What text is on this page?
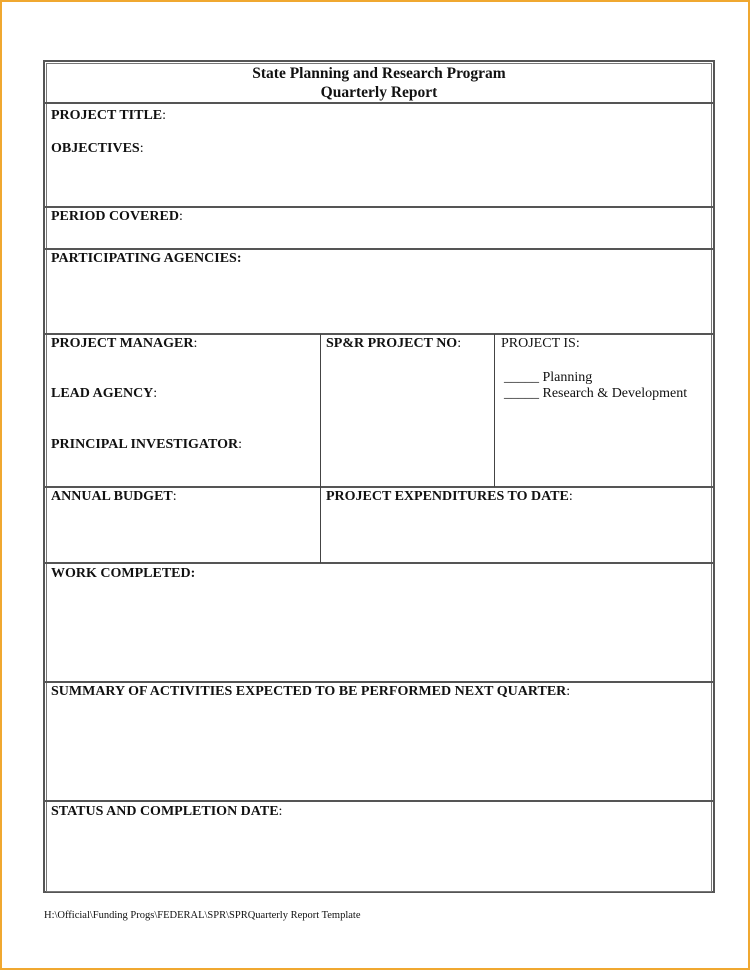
State Planning and Research Program
Quarterly Report
PROJECT TITLE:
OBJECTIVES:
PERIOD COVERED:
PARTICIPATING AGENCIES:
PROJECT MANAGER:
LEAD AGENCY:
PRINCIPAL INVESTIGATOR:
SP&R PROJECT NO:	PROJECT IS:
_____ Planning
_____ Research & Development
ANNUAL BUDGET:	PROJECT EXPENDITURES TO DATE:
WORK COMPLETED:
SUMMARY OF ACTIVITIES EXPECTED TO BE PERFORMED NEXT QUARTER:
STATUS AND COMPLETION DATE:
H:\Official\Funding Progs\FEDERAL\SPR\SPRQuarterly Report Template
